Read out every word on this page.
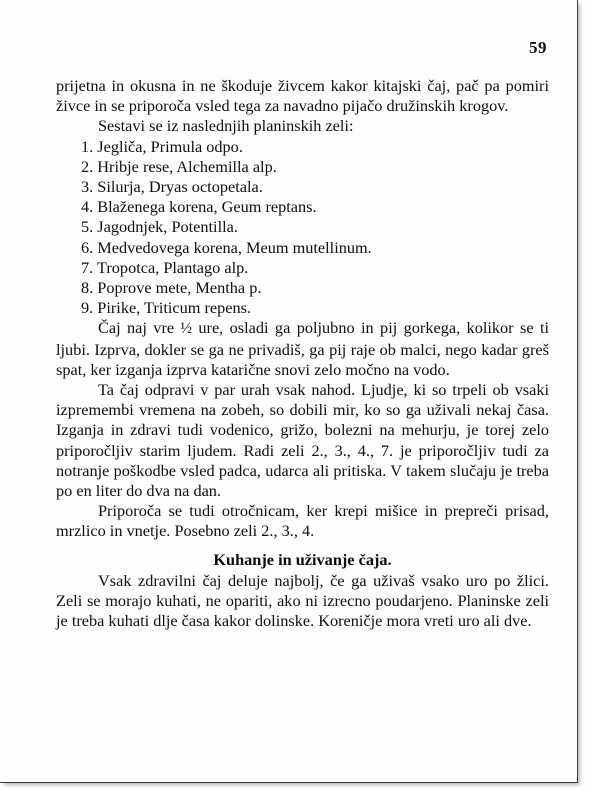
59

prijetna in okusna in ne škoduje živcem kakor kitajski čaj, pač pa pomiri živce in se priporoča vsled tega za navadno pijačo družinskih krogov.

Sestavi se iz naslednjih planinskih zeli:

1. Jegliča, Primula odpo.
2. Hribje rese, Alchemilla alp.
3. Silurja, Dryas octopetala.
4. Blaženega korena, Geum reptans.
5. Jagodnjek, Potentilla.
6. Medvedovega korena, Meum mutellinum.
7. Tropotca, Plantago alp.
8. Poprove mete, Mentha p.
9. Pirike, Triticum repens.

Čaj naj vre ½ ure, osladi ga poljubno in pij gorkega, kolikor se ti ljubi. Izprva, dokler se ga ne privadiš, ga pij raje ob malci, nego kadar greš spat, ker izganja izprva katarične snovi zelo močno na vodo.

Ta čaj odpravi v par urah vsak nahod. Ljudje, ki so trpeli ob vsaki izpremembi vremena na zobeh, so dobili mir, ko so ga uživali nekaj časa. Izganja in zdravi tudi vodenico, grižo, bolezni na mehurju, je torej zelo priporočljiv starim ljudem. Radi zeli 2., 3., 4., 7. je priporočljiv tudi za notranje poškodbe vsled padca, udarca ali pritiska. V takem slučaju je treba po en liter do dva na dan.

Priporoča se tudi otročnicam, ker krepi mišice in prepreči prisad, mrzlico in vnetje. Posebno zeli 2., 3., 4.

Kuhanje in uživanje čaja.

Vsak zdravilni čaj deluje najbolj, če ga uživaš vsako uro po žlici. Zeli se morajo kuhati, ne opariti, ako ni izrecno poudarjeno. Planinske zeli je treba kuhati dlje časa kakor dolinske. Koreničje mora vreti uro ali dve.
